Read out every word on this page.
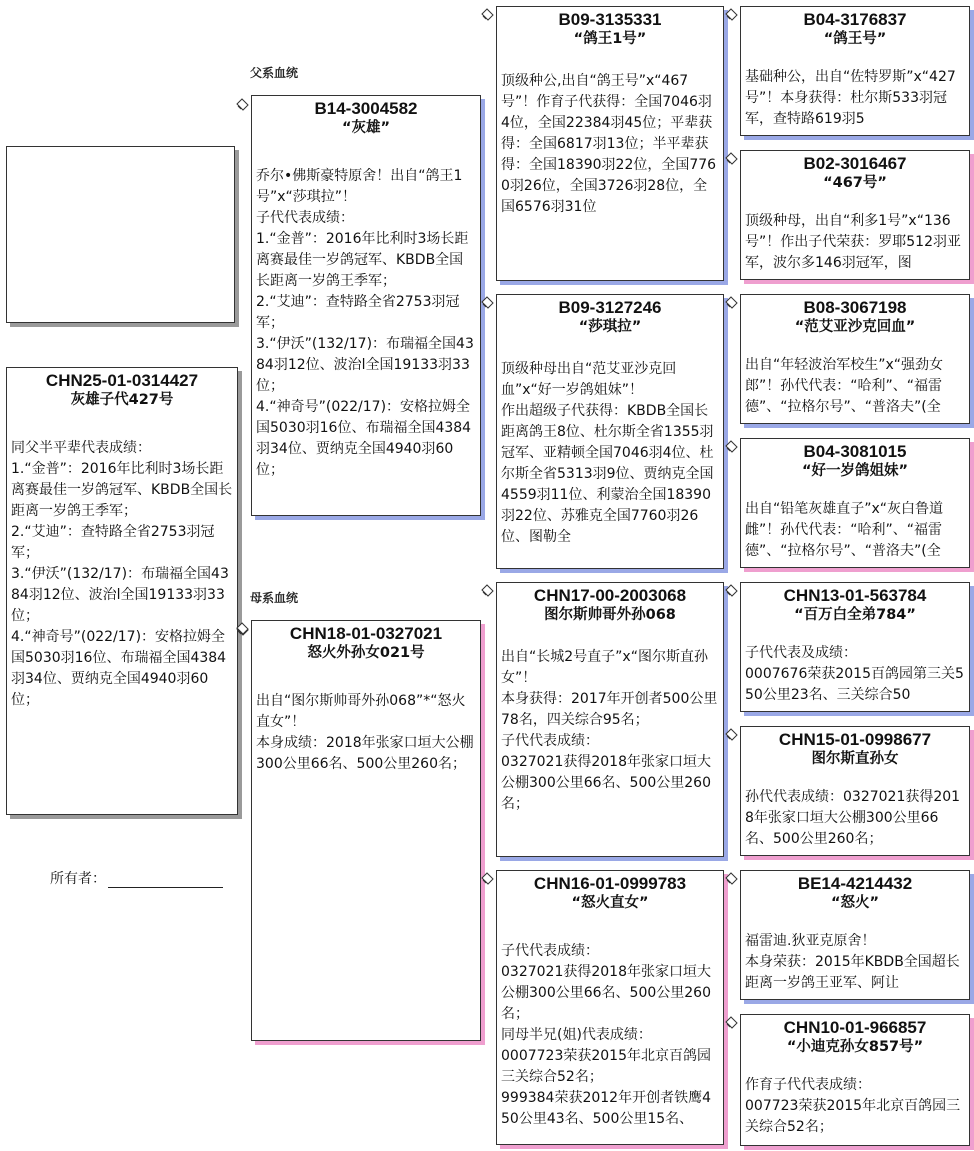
CHN25-01-0314427
灰雄子代427号
同父半平辈代表成绩：
1.“金普”：2016年比利时3场长距离赛最佳一岁鸽冠军、KBDB全国长距离一岁鸽王季军；
2.“艾迪”：查特路全省2753羽冠军；
3.“伊沃”(132/17)：布瑞福全国4384羽12位、波治l全国19133羽33位；
4.“神奇号”(022/17)：安格拉姆全国5030羽16位、布瑞福全国4384羽34位、贾纳克全国4940羽60位；
所有者：
父系血统
母系血统
B14-3004582
“灰雄”
乔尔•佛斯豪特原舍！出自“鸽王1号”x“莎琪拉”！
子代代表成绩：
1.“金普”：2016年比利时3场长距离赛最佳一岁鸽冠军、KBDB全国长距离一岁鸽王季军；
2.“艾迪”：查特路全省2753羽冠军；
3.“伊沃”(132/17)：布瑞福全国4384羽12位、波治l全国19133羽33位；
4.“神奇号”(022/17)：安格拉姆全国5030羽16位、布瑞福全国4384羽34位、贾纳克全国4940羽60位；
CHN18-01-0327021
怒火外孙女021号
出自“图尔斯帅哥外孙068”*“怒火直女”！
本身成绩：2018年张家口垣大公棚300公里66名、500公里260名；
B09-3135331
“鸽王1号”
顶级种公,出自“鸽王号”x“467号”！作育子代获得：全国7046羽4位，全国22384羽45位；平辈获得：全国6817羽13位；半平辈获得：全国18390羽22位，全国7760羽26位，全国3726羽28位，全国6576羽31位
B09-3127246
“莎琪拉”
顶级种母出自“范艾亚沙克回血”x“好一岁鸽姐妹”！
作出超级子代获得：KBDB全国长距离鸽王8位、杜尔斯全省1355羽冠军、亚精顿全国7046羽4位、杜尔斯全省5313羽9位、贾纳克全国4559羽11位、利蒙治全国18390羽22位、苏雅克全国7760羽26位、图勒全
CHN17-00-2003068
图尔斯帅哥外孙068
出自“长城2号直子”x“图尔斯直孙女”！
本身获得：2017年开创者500公里78名，四关综合95名；
子代代表成绩：
0327021获得2018年张家口垣大公棚300公里66名、500公里260名；
CHN16-01-0999783
“怒火直女”
子代代表成绩：
0327021获得2018年张家口垣大公棚300公里66名、500公里260名；
同母半兄(姐)代表成绩：
0007723荣获2015年北京百鸽园三关综合52名；
999384荣获2012年开创者铁鹰450公里43名、500公里15名、
B04-3176837
“鸽王号”
基础种公，出自“佐特罗斯”x“427号”！本身获得：杜尔斯533羽冠军，查特路619羽5
B02-3016467
“467号”
顶级种母，出自“利多1号”x“136号”！作出子代荣获：罗耶512羽亚军，波尔多146羽冠军，图
B08-3067198
“范艾亚沙克回血”
出自“年轻波治军校生”x“强劲女郎”！孙代代表：“哈利”、“福雷德”、“拉格尔号”、“普洛夫”(全
B04-3081015
“好一岁鸽姐妹”
出自“铅笔灰雄直子”x“灰白鲁道雌”！孙代代表：“哈利”、“福雷德”、“拉格尔号”、“普洛夫”(全
CHN13-01-563784
“百万白全弟784”
子代代表及成绩：
0007676荣获2015百鸽园第三关550公里23名、三关综合50
CHN15-01-0998677
图尔斯直孙女
孙代代表成绩：0327021获得2018年张家口垣大公棚300公里66名、500公里260名；
BE14-4214432
“怒火”
福雷迪.狄亚克原舍！
本身荣获：2015年KBDB全国超长距离一岁鸽王亚军、阿让
CHN10-01-966857
“小迪克孙女857号”
作育子代代表成绩：
007723荣获2015年北京百鸽园三关综合52名；
